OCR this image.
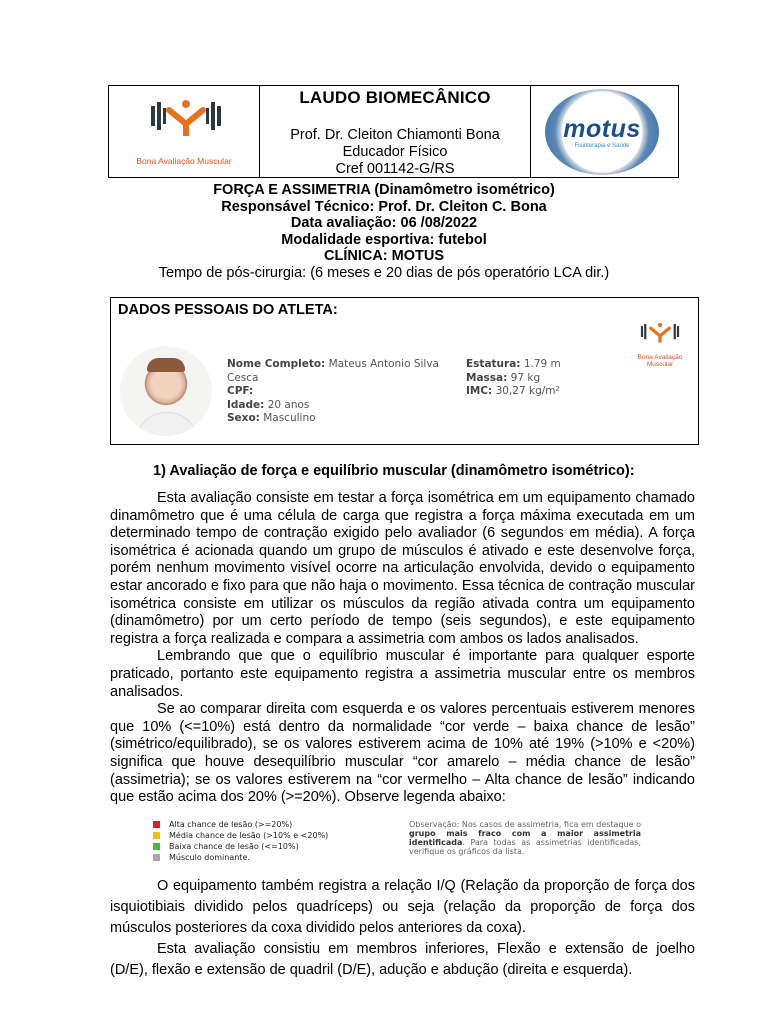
Bona Avaliação Muscular
LAUDO BIOMECÂNICO
Prof. Dr. Cleiton Chiamonti Bona
Educador Físico
Cref 001142-G/RS
motus
Fisioterapia e Saúde
FORÇA E ASSIMETRIA (Dinamômetro isométrico)
Responsável Técnico: Prof. Dr. Cleiton C. Bona
Data avaliação: 06 /08/2022
Modalidade esportiva: futebol
CLÍNICA: MOTUS
Tempo de pós-cirurgia: (6 meses e 20 dias de pós operatório LCA dir.)
DADOS PESSOAIS DO ATLETA:
Nome Completo: Mateus Antonio Silva Cesca
CPF:
Idade: 20 anos
Sexo: Masculino
Estatura: 1.79 m
Massa: 97 kg
IMC: 30,27 kg/m²
Bona Avaliação Muscular
1) Avaliação de força e equilíbrio muscular (dinamômetro isométrico):

Esta avaliação consiste em testar a força isométrica em um equipamento chamado dinamômetro que é uma célula de carga que registra a força máxima executada em um determinado tempo de contração exigido pelo avaliador (6 segundos em média). A força isométrica é acionada quando um grupo de músculos é ativado e este desenvolve força, porém nenhum movimento visível ocorre na articulação envolvida, devido o equipamento estar ancorado e fixo para que não haja o movimento. Essa técnica de contração muscular isométrica consiste em utilizar os músculos da região ativada contra um equipamento (dinamômetro) por um certo período de tempo (seis segundos), e este equipamento registra a força realizada e compara a assimetria com ambos os lados analisados.

Lembrando que que o equilíbrio muscular é importante para qualquer esporte praticado, portanto este equipamento registra a assimetria muscular entre os membros analisados.

Se ao comparar direita com esquerda e os valores percentuais estiverem menores que 10% (<=10%) está dentro da normalidade “cor verde – baixa chance de lesão” (simétrico/equilibrado), se os valores estiverem acima de 10% até 19% (>10% e <20%) significa que houve desequilíbrio muscular “cor amarelo – média chance de lesão” (assimetria); se os valores estiverem na “cor vermelho – Alta chance de lesão” indicando que estão acima dos 20% (>=20%). Observe legenda abaixo:

Alta chance de lesão (>=20%)
Média chance de lesão (>10% e <20%)
Baixa chance de lesão (<=10%)
Músculo dominante.
Observação: Nos casos de assimetria, fica em destaque o grupo mais fraco com a maior assimetria identificada. Para todas as assimetrias identificadas, verifique os gráficos da lista.

O equipamento também registra a relação I/Q (Relação da proporção de força dos isquiotibiais dividido pelos quadríceps) ou seja (relação da proporção de força dos músculos posteriores da coxa dividido pelos anteriores da coxa).

Esta avaliação consistiu em membros inferiores, Flexão e extensão de joelho (D/E), flexão e extensão de quadril (D/E), adução e abdução (direita e esquerda).
